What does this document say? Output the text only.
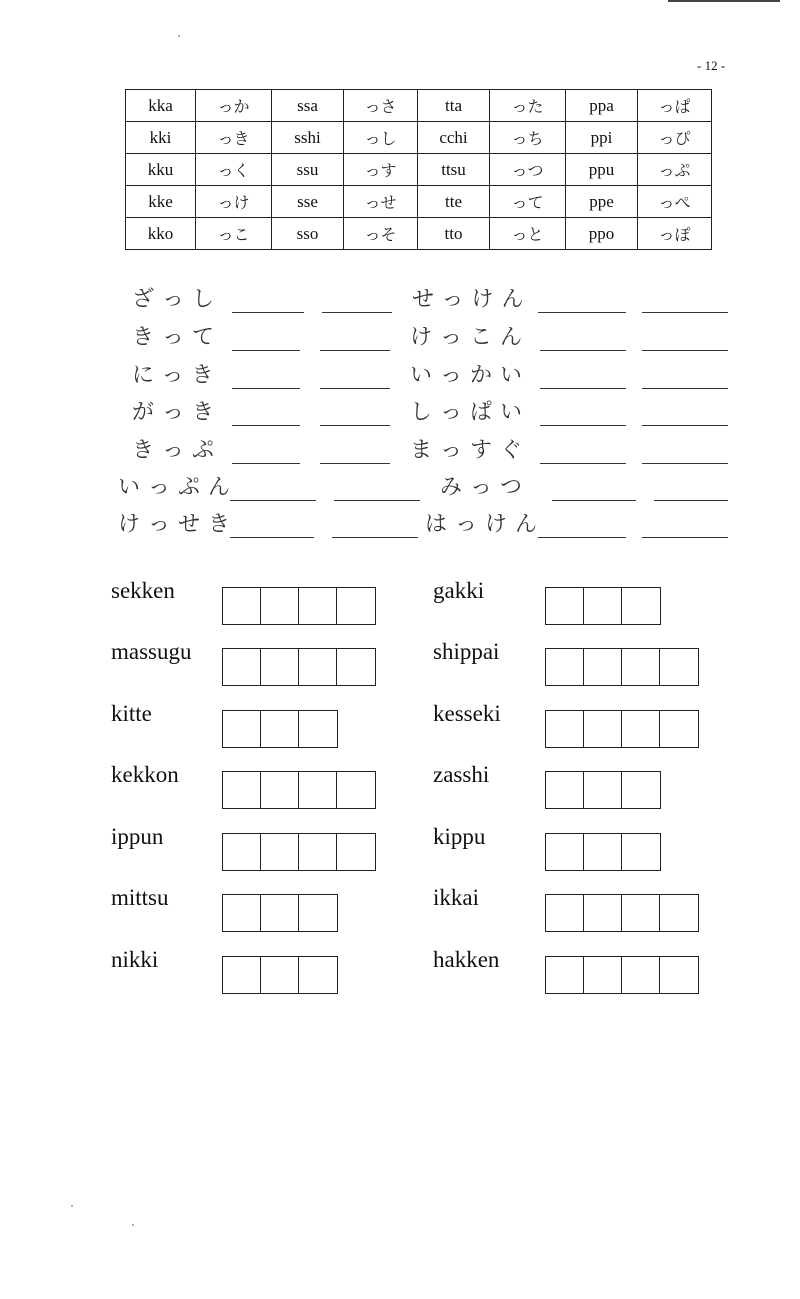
- 12 -
kka	っか	ssa	っさ	tta	った	ppa	っぱ
kki	っき	sshi	っし	cchi	っち	ppi	っぴ
kku	っく	ssu	っす	ttsu	っつ	ppu	っぷ
kke	っけ	sse	っせ	tte	って	ppe	っぺ
kko	っこ	sso	っそ	tto	っと	ppo	っぽ
ざっし
きって
にっき
がっき
きっぷ
いっぷん
けっせき
せっけん
けっこん
いっかい
しっぱい
まっすぐ
みっつ
はっけん
sekken
massugu
kitte
kekkon
ippun
mittsu
nikki
gakki
shippai
kesseki
zasshi
kippu
ikkai
hakken
